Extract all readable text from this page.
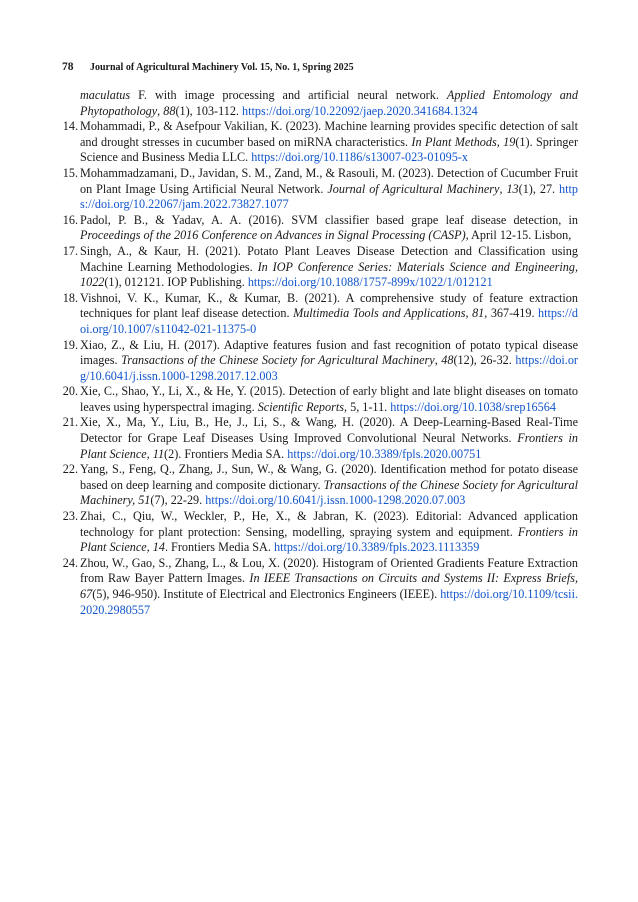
78 Journal of Agricultural Machinery Vol. 15, No. 1, Spring 2025
maculatus F. with image processing and artificial neural network. Applied Entomology and Phytopathology, 88(1), 103-112. https://doi.org/10.22092/jaep.2020.341684.1324
14 . Mohammadi, P., & Asefpour Vakilian, K. (2023). Machine learning provides specific detection of salt and drought stresses in cucumber based on miRNA characteristics. In Plant Methods, 19(1). Springer Science and Business Media LLC. https://doi.org/10.1186/s13007-023-01095-x
15 . Mohammadzamani, D., Javidan, S. M., Zand, M., & Rasouli, M. (2023). Detection of Cucumber Fruit on Plant Image Using Artificial Neural Network. Journal of Agricultural Machinery, 13(1), 27. https://doi.org/10.22067/jam.2022.73827.1077
16 . Padol, P. B., & Yadav, A. A. (2016). SVM classifier based grape leaf disease detection, in Proceedings of the 2016 Conference on Advances in Signal Processing (CASP), April 12-15. Lisbon,
17 . Singh, A., & Kaur, H. (2021). Potato Plant Leaves Disease Detection and Classification using Machine Learning Methodologies. In IOP Conference Series: Materials Science and Engineering, 1022(1), 012121. IOP Publishing. https://doi.org/10.1088/1757-899x/1022/1/012121
18 . Vishnoi, V. K., Kumar, K., & Kumar, B. (2021). A comprehensive study of feature extraction techniques for plant leaf disease detection. Multimedia Tools and Applications, 81, 367-419. https://doi.org/10.1007/s11042-021-11375-0
19 . Xiao, Z., & Liu, H. (2017). Adaptive features fusion and fast recognition of potato typical disease images. Transactions of the Chinese Society for Agricultural Machinery, 48(12), 26-32. https://doi.org/10.6041/j.issn.1000-1298.2017.12.003
20 . Xie, C., Shao, Y., Li, X., & He, Y. (2015). Detection of early blight and late blight diseases on tomato leaves using hyperspectral imaging. Scientific Reports, 5, 1-11. https://doi.org/10.1038/srep16564
21 . Xie, X., Ma, Y., Liu, B., He, J., Li, S., & Wang, H. (2020). A Deep-Learning-Based Real-Time Detector for Grape Leaf Diseases Using Improved Convolutional Neural Networks. Frontiers in Plant Science, 11(2). Frontiers Media SA. https://doi.org/10.3389/fpls.2020.00751
22 . Yang, S., Feng, Q., Zhang, J., Sun, W., & Wang, G. (2020). Identification method for potato disease based on deep learning and composite dictionary. Transactions of the Chinese Society for Agricultural Machinery, 51(7), 22-29. https://doi.org/10.6041/j.issn.1000-1298.2020.07.003
23 . Zhai, C., Qiu, W., Weckler, P., He, X., & Jabran, K. (2023). Editorial: Advanced application technology for plant protection: Sensing, modelling, spraying system and equipment. Frontiers in Plant Science, 14. Frontiers Media SA. https://doi.org/10.3389/fpls.2023.1113359
24 . Zhou, W., Gao, S., Zhang, L., & Lou, X. (2020). Histogram of Oriented Gradients Feature Extraction from Raw Bayer Pattern Images. In IEEE Transactions on Circuits and Systems II: Express Briefs, 67(5), 946-950). Institute of Electrical and Electronics Engineers (IEEE). https://doi.org/10.1109/tcsii.2020.2980557
